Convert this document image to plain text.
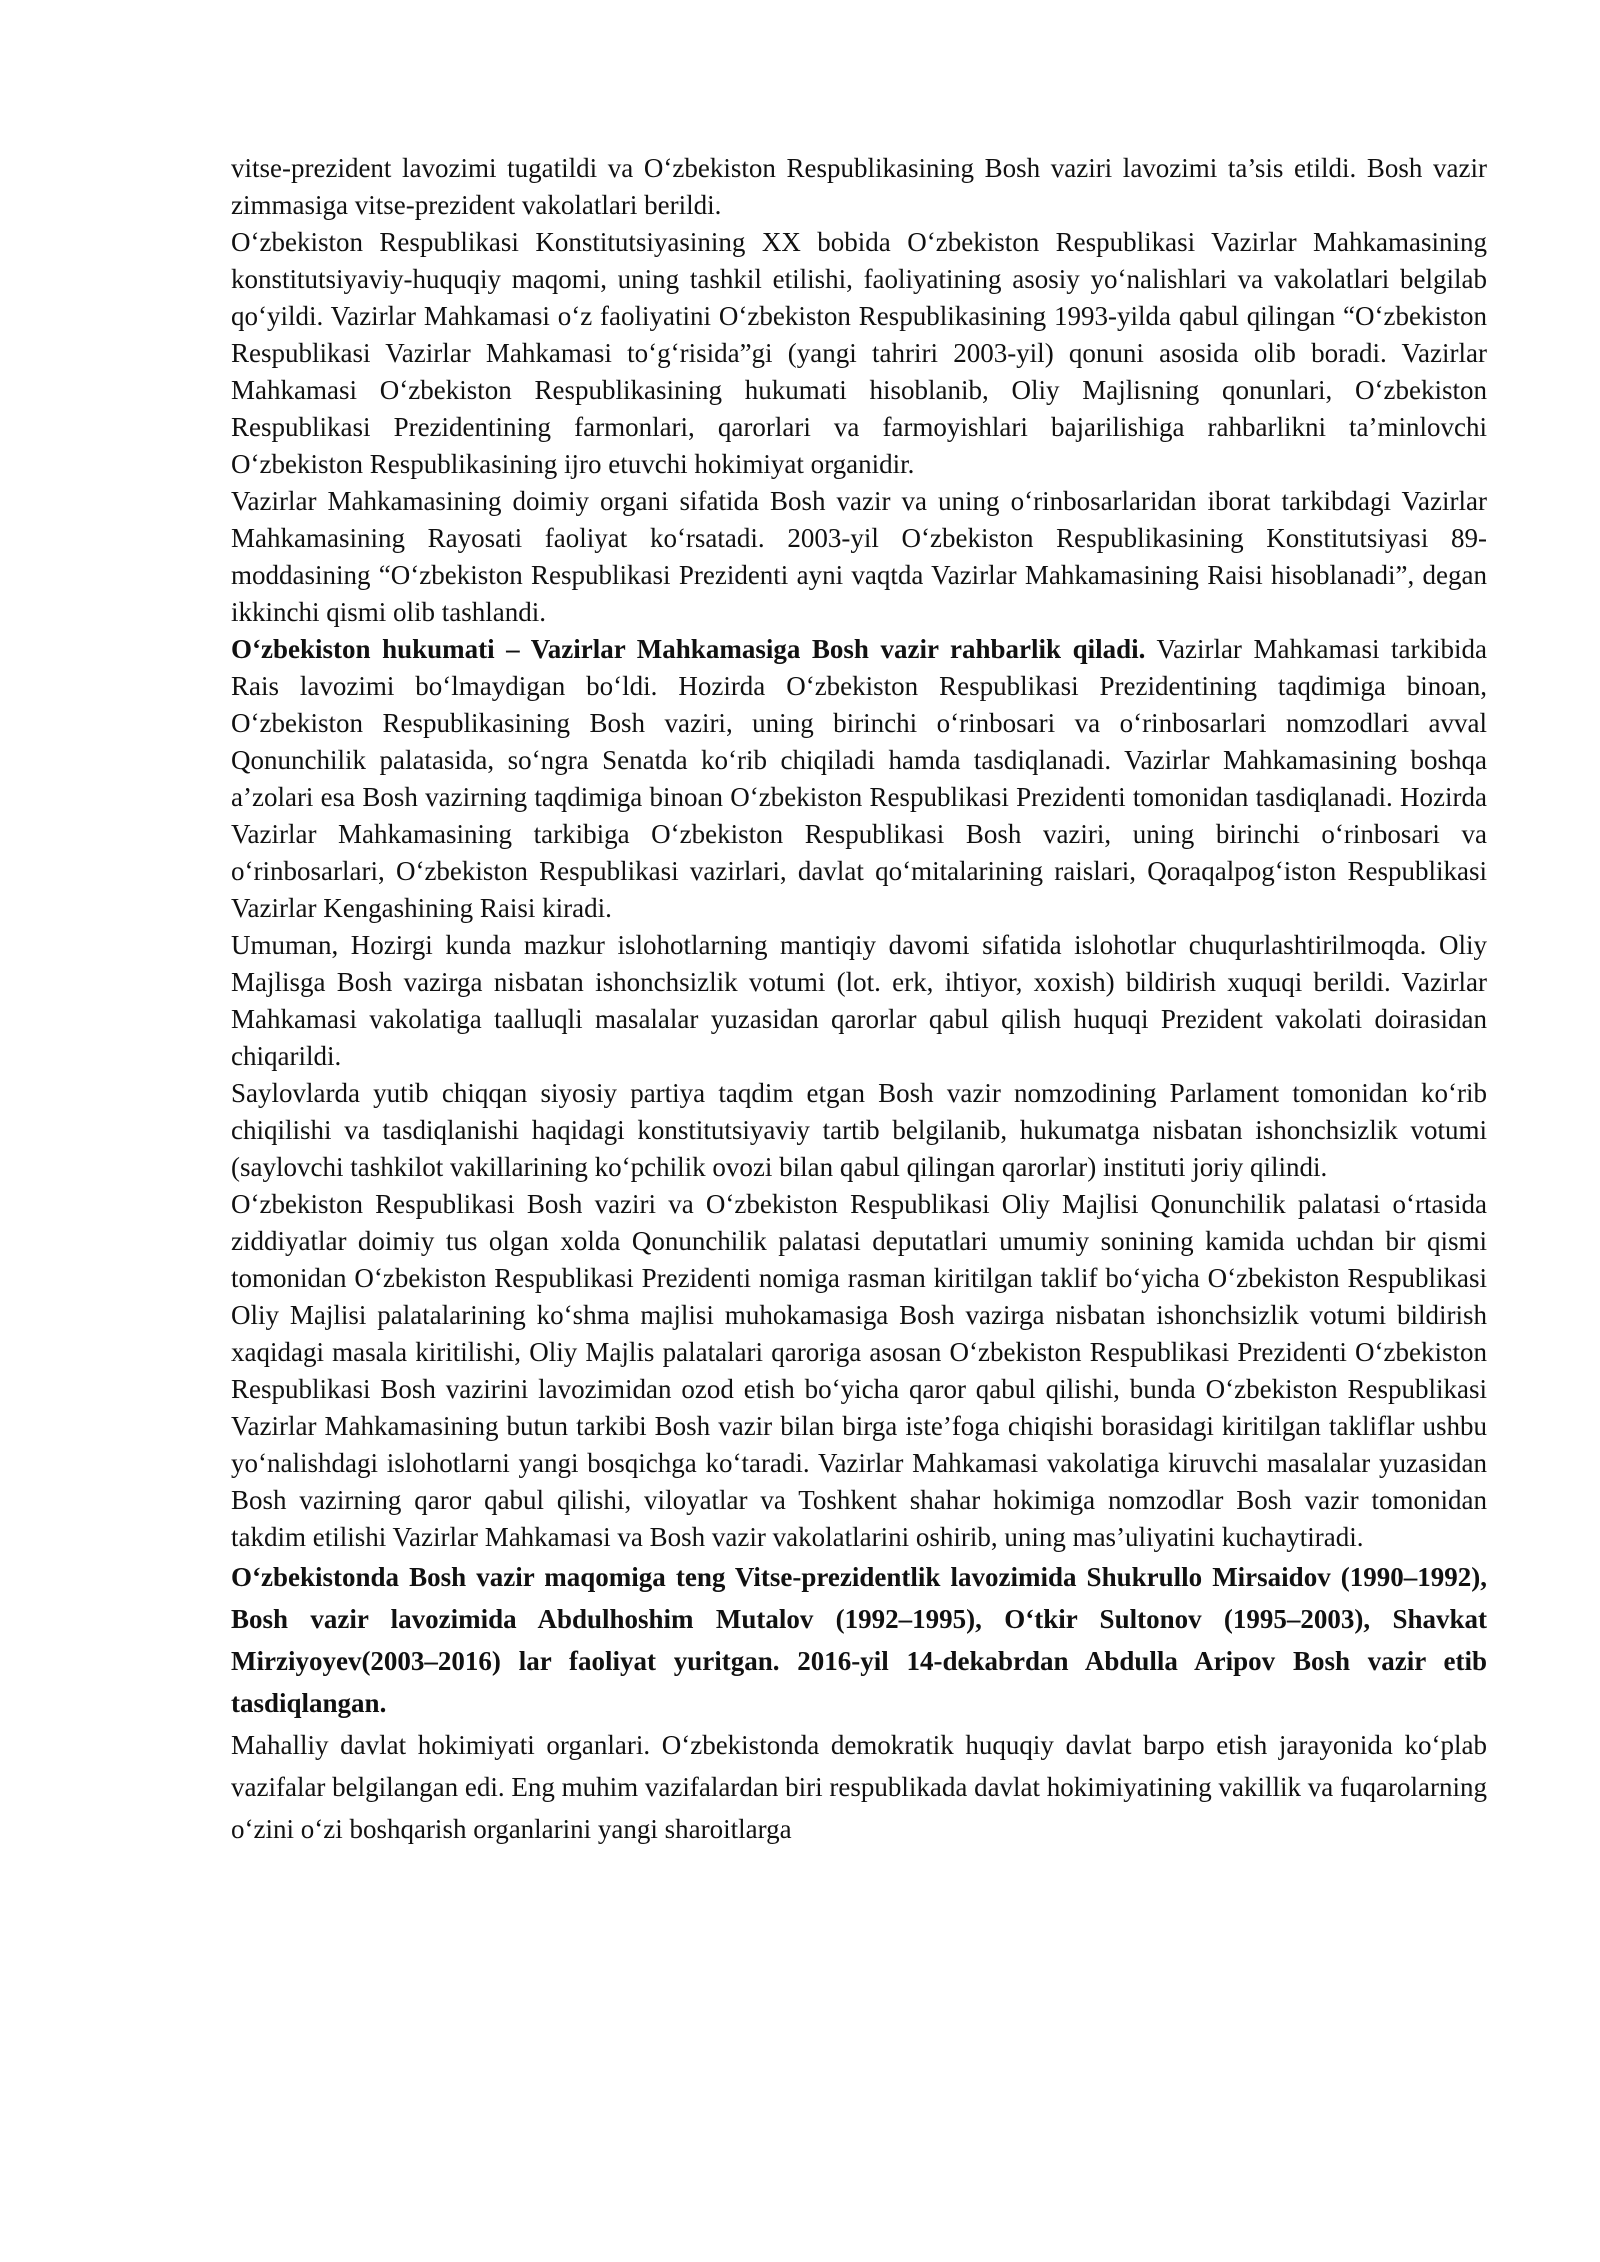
vitse-prezident lavozimi tugatildi va O‘zbekiston Respublikasining Bosh vaziri lavozimi ta’sis etildi. Bosh vazir zimmasiga vitse-prezident vakolatlari berildi.

O‘zbekiston Respublikasi Konstitutsiyasining XX bobida O‘zbekiston Respublikasi Vazirlar Mahkamasining konstitutsiyaviy-huquqiy maqomi, uning tashkil etilishi, faoliyatining asosiy yo‘nalishlari va vakolatlari belgilab qo‘yildi. Vazirlar Mahkamasi o‘z faoliyatini O‘zbekiston Respublikasining 1993-yilda qabul qilingan “O‘zbekiston Respublikasi Vazirlar Mahkamasi to‘g‘risida”gi (yangi tahriri 2003-yil) qonuni asosida olib boradi. Vazirlar Mahkamasi O‘zbekiston Respublikasining hukumati hisoblanib, Oliy Majlisning qonunlari, O‘zbekiston Respublikasi Prezidentining farmonlari, qarorlari va farmoyishlari bajarilishiga rahbarlikni ta’minlovchi O‘zbekiston Respublikasining ijro etuvchi hokimiyat organidir.

Vazirlar Mahkamasining doimiy organi sifatida Bosh vazir va uning o‘rinbosarlaridan iborat tarkibdagi Vazirlar Mahkamasining Rayosati faoliyat ko‘rsatadi. 2003-yil O‘zbekiston Respublikasining Konstitutsiyasi 89-moddasining “O‘zbekiston Respublikasi Prezidenti ayni vaqtda Vazirlar Mahkamasining Raisi hisoblanadi”, degan ikkinchi qismi olib tashlandi.

O‘zbekiston hukumati – Vazirlar Mahkamasiga Bosh vazir rahbarlik qiladi. Vazirlar Mahkamasi tarkibida Rais lavozimi bo‘lmaydigan bo‘ldi. Hozirda O‘zbekiston Respublikasi Prezidentining taqdimiga binoan, O‘zbekiston Respublikasining Bosh vaziri, uning birinchi o‘rinbosari va o‘rinbosarlari nomzodlari avval Qonunchilik palatasida, so‘ngra Senatda ko‘rib chiqiladi hamda tasdiqlanadi. Vazirlar Mahkamasining boshqa a’zolari esa Bosh vazirning taqdimiga binoan O‘zbekiston Respublikasi Prezidenti tomonidan tasdiqlanadi. Hozirda Vazirlar Mahkamasining tarkibiga O‘zbekiston Respublikasi Bosh vaziri, uning birinchi o‘rinbosari va o‘rinbosarlari, O‘zbekiston Respublikasi vazirlari, davlat qo‘mitalarining raislari, Qoraqalpog‘iston Respublikasi Vazirlar Kengashining Raisi kiradi.

Umuman, Hozirgi kunda mazkur islohotlarning mantiqiy davomi sifatida islohotlar chuqurlashtirilmoqda. Oliy Majlisga Bosh vazirga nisbatan ishonchsizlik votumi (lot. erk, ihtiyor, xoxish) bildirish xuquqi berildi. Vazirlar Mahkamasi vakolatiga taalluqli masalalar yuzasidan qarorlar qabul qilish huquqi Prezident vakolati doirasidan chiqarildi.

Saylovlarda yutib chiqqan siyosiy partiya taqdim etgan Bosh vazir nomzodining Parlament tomonidan ko‘rib chiqilishi va tasdiqlanishi haqidagi konstitutsiyaviy tartib belgilanib, hukumatga nisbatan ishonchsizlik votumi (saylovchi tashkilot vakillarining ko‘pchilik ovozi bilan qabul qilingan qarorlar) instituti joriy qilindi.

O‘zbekiston Respublikasi Bosh vaziri va O‘zbekiston Respublikasi Oliy Majlisi Qonunchilik palatasi o‘rtasida ziddiyatlar doimiy tus olgan xolda Qonunchilik palatasi deputatlari umumiy sonining kamida uchdan bir qismi tomonidan O‘zbekiston Respublikasi Prezidenti nomiga rasman kiritilgan taklif bo‘yicha O‘zbekiston Respublikasi Oliy Majlisi palatalarining ko‘shma majlisi muhokamasiga Bosh vazirga nisbatan ishonchsizlik votumi bildirish xaqidagi masala kiritilishi, Oliy Majlis palatalari qaroriga asosan O‘zbekiston Respublikasi Prezidenti O‘zbekiston Respublikasi Bosh vazirini lavozimidan ozod etish bo‘yicha qaror qabul qilishi, bunda O‘zbekiston Respublikasi Vazirlar Mahkamasining butun tarkibi Bosh vazir bilan birga iste’foga chiqishi borasidagi kiritilgan takliflar ushbu yo‘nalishdagi islohotlarni yangi bosqichga ko‘taradi. Vazirlar Mahkamasi vakolatiga kiruvchi masalalar yuzasidan Bosh vazirning qaror qabul qilishi, viloyatlar va Toshkent shahar hokimiga nomzodlar Bosh vazir tomonidan takdim etilishi Vazirlar Mahkamasi va Bosh vazir vakolatlarini oshirib, uning mas’uliyatini kuchaytiradi.

O‘zbekistonda Bosh vazir maqomiga teng Vitse-prezidentlik lavozimida Shukrullo Mirsaidov (1990–1992), Bosh vazir lavozimida Abdulhoshim Mutalov (1992–1995), O‘tkir Sultonov (1995–2003), Shavkat Mirziyoyev(2003–2016) lar faoliyat yuritgan. 2016-yil 14-dekabrdan Abdulla Aripov Bosh vazir etib tasdiqlangan.

Mahalliy davlat hokimiyati organlari. O‘zbekistonda demokratik huquqiy davlat barpo etish jarayonida ko‘plab vazifalar belgilangan edi. Eng muhim vazifalardan biri respublikada davlat hokimiyatining vakillik va fuqarolarning o‘zini o‘zi boshqarish organlarini yangi sharoitlarga
